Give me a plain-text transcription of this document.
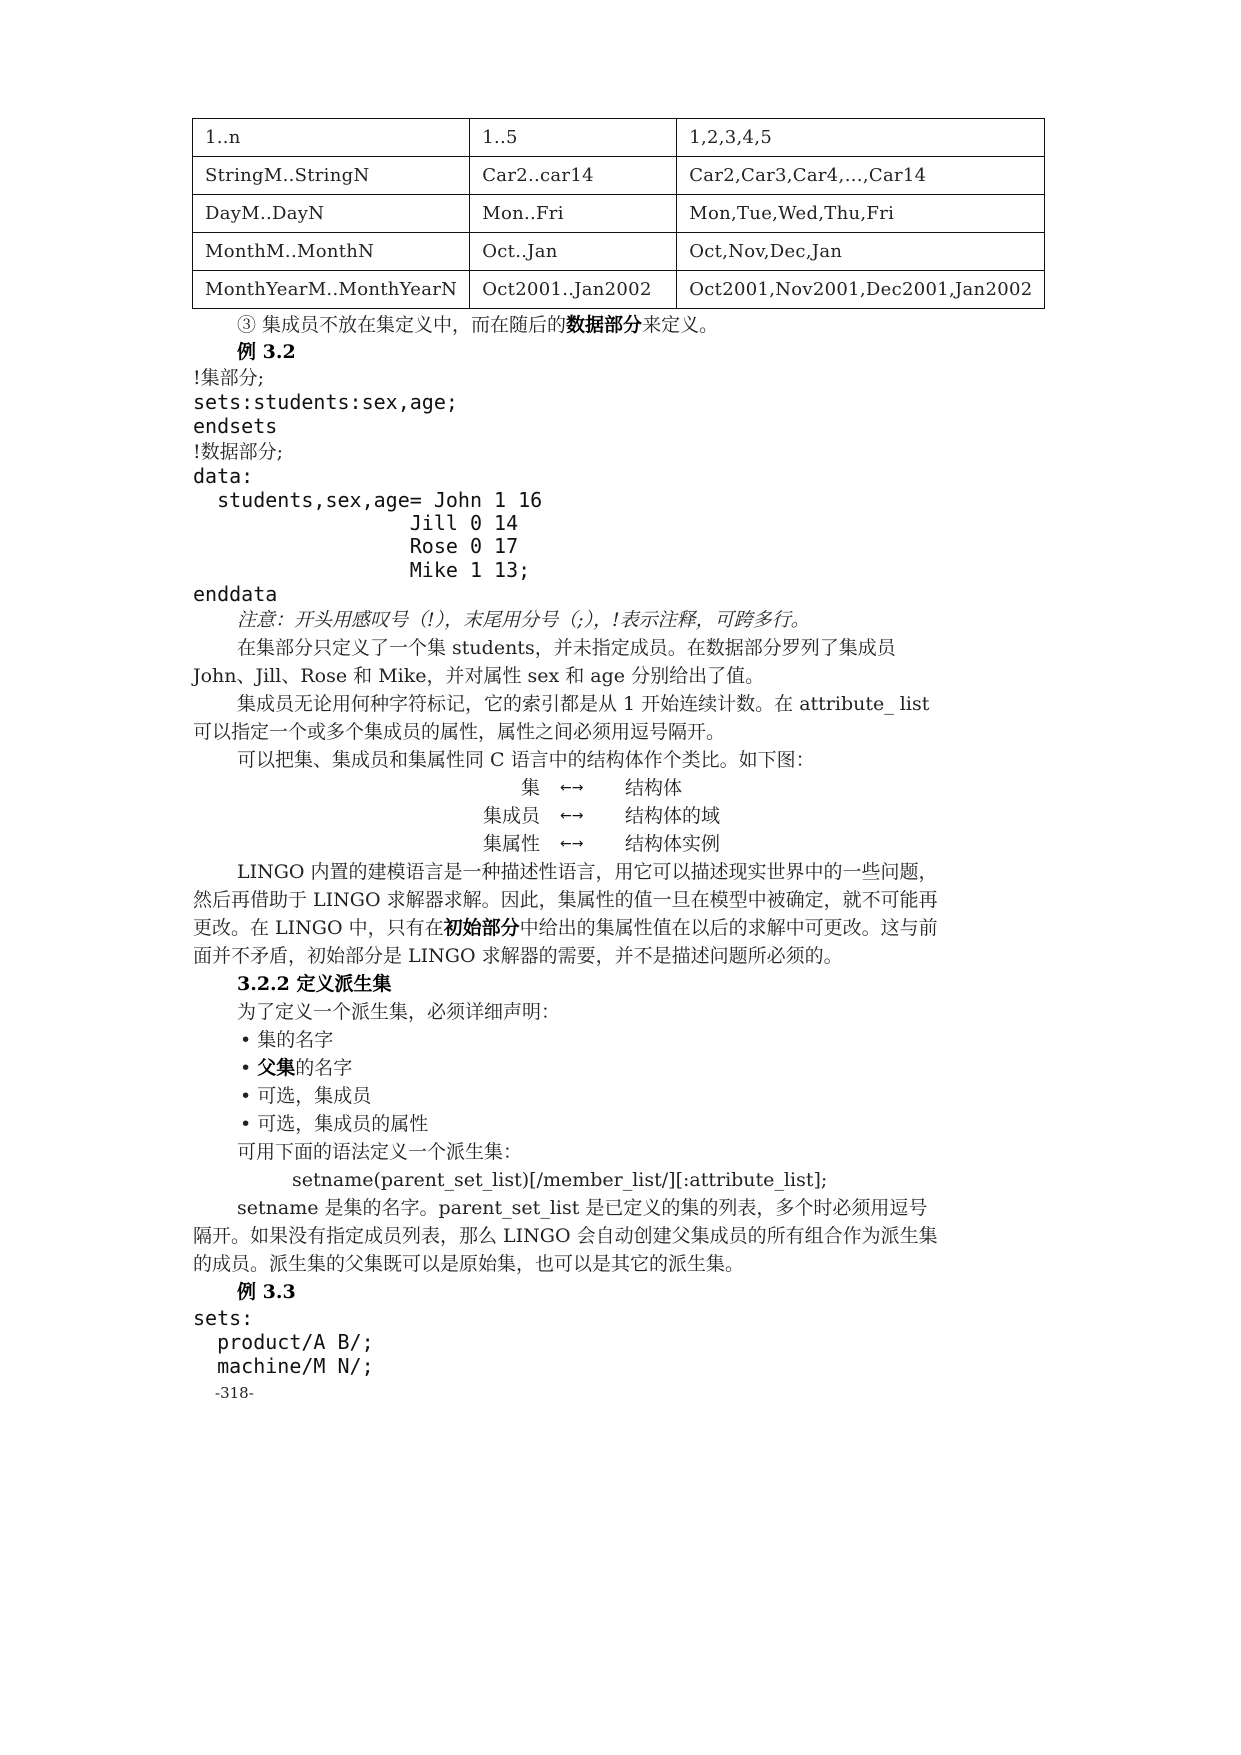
1..n	1..5	1,2,3,4,5
StringM..StringN	Car2..car14	Car2,Car3,Car4,…,Car14
DayM..DayN	Mon..Fri	Mon,Tue,Wed,Thu,Fri
MonthM..MonthN	Oct..Jan	Oct,Nov,Dec,Jan
MonthYearM..MonthYearN	Oct2001..Jan2002	Oct2001,Nov2001,Dec2001,Jan2002
③ 集成员不放在集定义中，而在随后的数据部分来定义。
例 3.2
!集部分;
sets:students:sex,age;
endsets
!数据部分;
data:
students,sex,age= John 1 16
Jill 0 14
Rose 0 17
Mike 1 13;
enddata
注意：开头用感叹号（!），末尾用分号（;），!表示注释，可跨多行。
在集部分只定义了一个集 students，并未指定成员。在数据部分罗列了集成员
John、Jill、Rose 和 Mike，并对属性 sex 和 age 分别给出了值。
集成员无论用何种字符标记，它的索引都是从 1 开始连续计数。在 attribute_ list
可以指定一个或多个集成员的属性，属性之间必须用逗号隔开。
可以把集、集成员和集属性同 C 语言中的结构体作个类比。如下图：
集 ←→ 结构体
集成员 ←→ 结构体的域
集属性 ←→ 结构体实例
LINGO 内置的建模语言是一种描述性语言，用它可以描述现实世界中的一些问题，
然后再借助于 LINGO 求解器求解。因此，集属性的值一旦在模型中被确定，就不可能再
更改。在 LINGO 中，只有在初始部分中给出的集属性值在以后的求解中可更改。这与前
面并不矛盾，初始部分是 LINGO 求解器的需要，并不是描述问题所必须的。
3.2.2 定义派生集
为了定义一个派生集，必须详细声明：
• 集的名字
• 父集的名字
• 可选，集成员
• 可选，集成员的属性
可用下面的语法定义一个派生集：
setname(parent_set_list)[/member_list/][:attribute_list];
setname 是集的名字。parent_set_list 是已定义的集的列表，多个时必须用逗号
隔开。如果没有指定成员列表，那么 LINGO 会自动创建父集成员的所有组合作为派生集
的成员。派生集的父集既可以是原始集，也可以是其它的派生集。
例 3.3
sets:
product/A B/;
machine/M N/;
-318-
